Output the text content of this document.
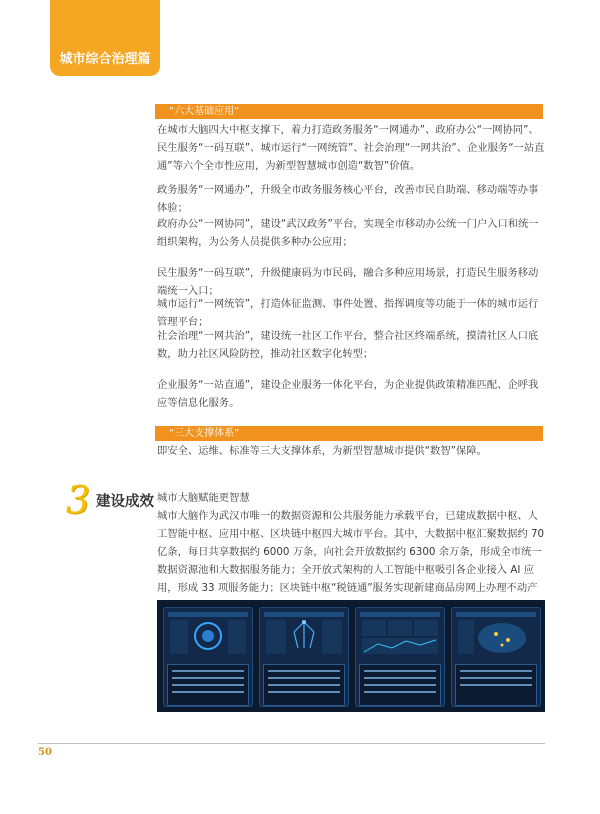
城市综合治理篇
“六大基础应用”
在城市大脑四大中枢支撑下，着力打造政务服务“一网通办”、政府办公“一网协同”、民生服务“一码互联”、城市运行“一网统管”、社会治理“一网共治”、企业服务“一站直通”等六个全市性应用，为新型智慧城市创造“数智”价值。
政务服务“一网通办”，升级全市政务服务核心平台，改善市民自助端、移动端等办事体验；
政府办公“一网协同”，建设“武汉政务”平台，实现全市移动办公统一门户入口和统一组织架构，为公务人员提供多种办公应用；
民生服务“一码互联”，升级健康码为市民码，融合多种应用场景，打造民生服务移动端统一入口；
城市运行“一网统管”，打造体征监测、事件处置、指挥调度等功能于一体的城市运行管理平台；
社会治理“一网共治”，建设统一社区工作平台，整合社区终端系统，摸清社区人口底数，助力社区风险防控，推动社区数字化转型；
企业服务“一站直通”，建设企业服务一体化平台，为企业提供政策精准匹配、企呼我应等信息化服务。
“三大支撑体系”
即安全、运维、标准等三大支撑体系，为新型智慧城市提供“数智”保障。
3 建设成效 城市大脑赋能更智慧
城市大脑作为武汉市唯一的数据资源和公共服务能力承载平台，已建成数据中枢、人工智能中枢、应用中枢、区块链中枢四大城市平台。其中，大数据中枢汇聚数据约 70 亿条，每日共享数据约 6000 万条，向社会开放数据约 6300 余万条，形成全市统一数据资源池和大数据服务能力；全开放式架构的人工智能中枢吸引各企业接入 AI 应用，形成 33 项服务能力；区块链中枢“税链通”服务实现新建商品房网上办理不动产
50
